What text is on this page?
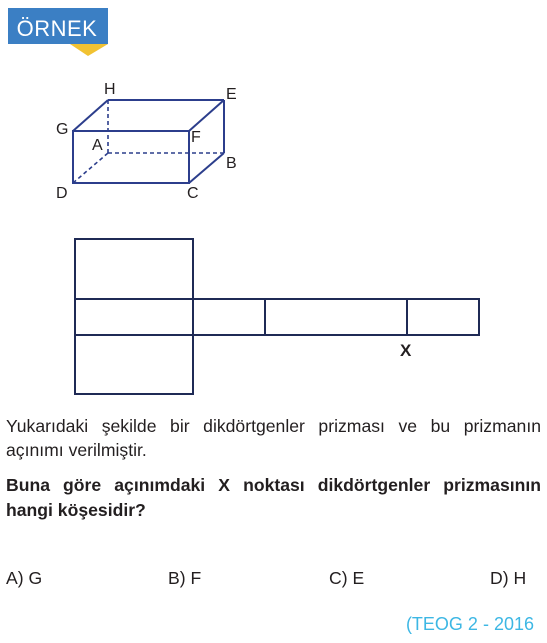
ÖRNEK
H	E
G	F
A
B
D	C
X
Yukarıdaki şekilde bir dikdörtgenler prizması ve bu prizmanın açınımı verilmiştir.
Buna göre açınımdaki X noktası dikdörtgenler prizmasının hangi köşesidir?
A) G	B) F	C) E	D) H
(TEOG 2 - 2016
